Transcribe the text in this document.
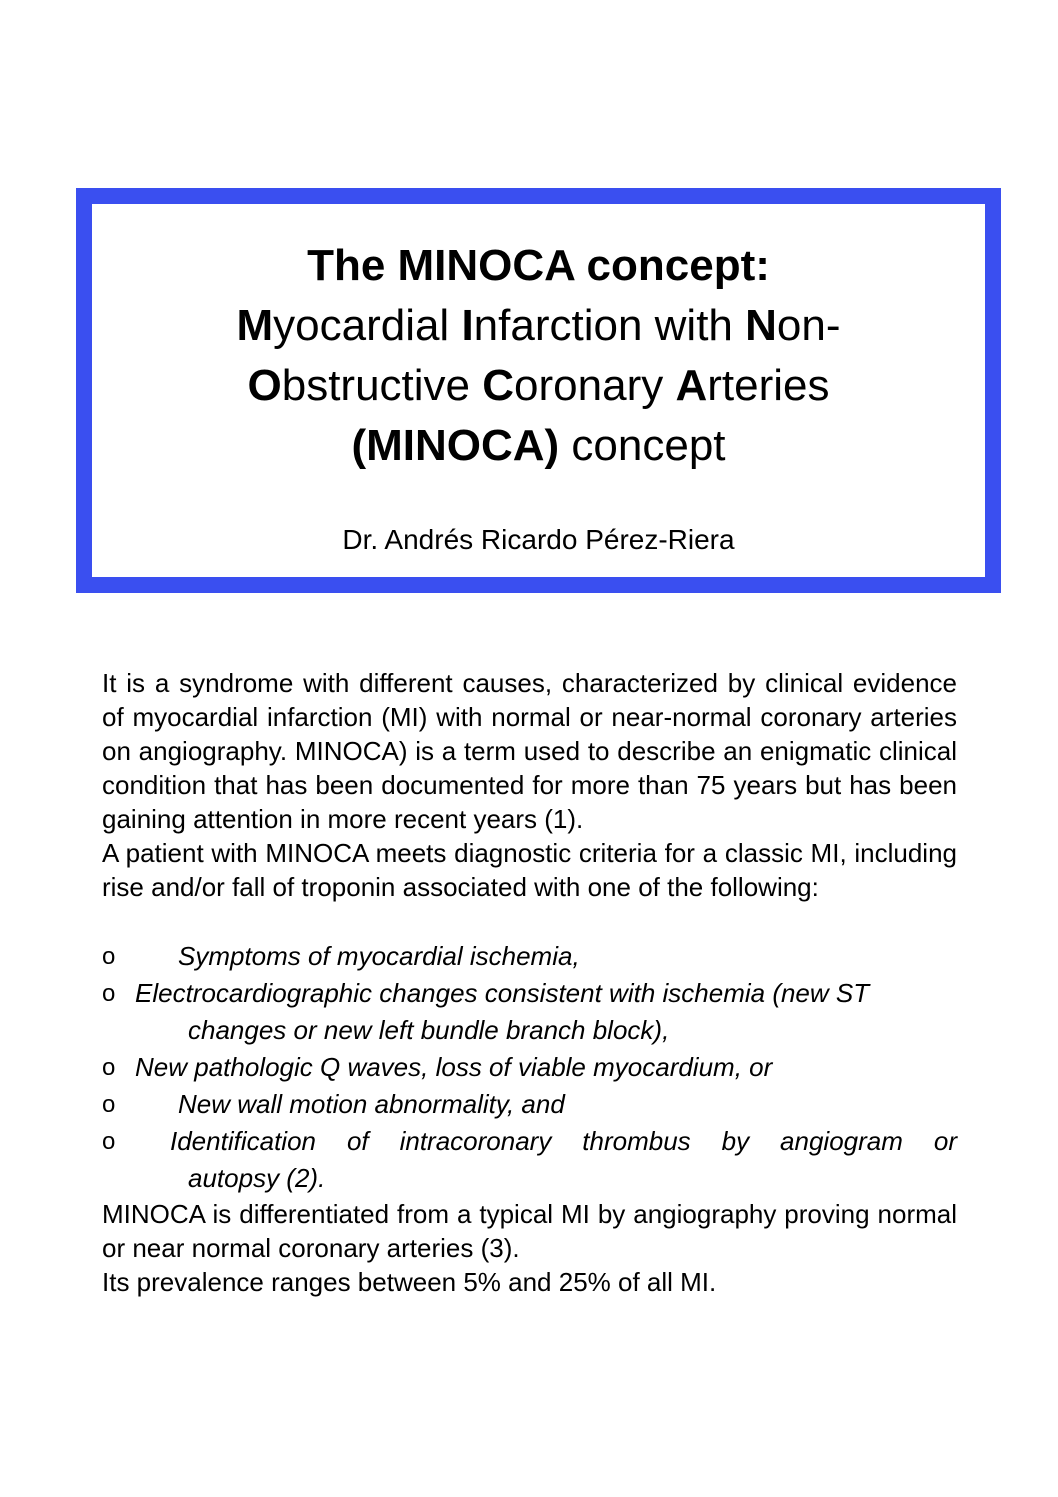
The MINOCA concept:
Myocardial Infarction with Non-
Obstructive Coronary Arteries
(MINOCA) concept
Dr. Andrés Ricardo Pérez-Riera

It is a syndrome with different causes, characterized by clinical evidence of myocardial infarction (MI) with normal or near-normal coronary arteries on angiography. MINOCA) is a term used to describe an enigmatic clinical condition that has been documented for more than 75 years but has been gaining attention in more recent years (1).

A patient with MINOCA meets diagnostic criteria for a classic MI, including rise and/or fall of troponin associated with one of the following:

o	Symptoms of myocardial ischemia,
o Electrocardiographic changes consistent with ischemia (new ST
changes or new left bundle branch block),
o New pathologic Q waves, loss of viable myocardium, or
o	New wall motion abnormality, and
o	Identification of intracoronary thrombus by angiogram or
autopsy (2).

MINOCA is differentiated from a typical MI by angiography proving normal or near normal coronary arteries (3).

Its prevalence ranges between 5% and 25% of all MI.
